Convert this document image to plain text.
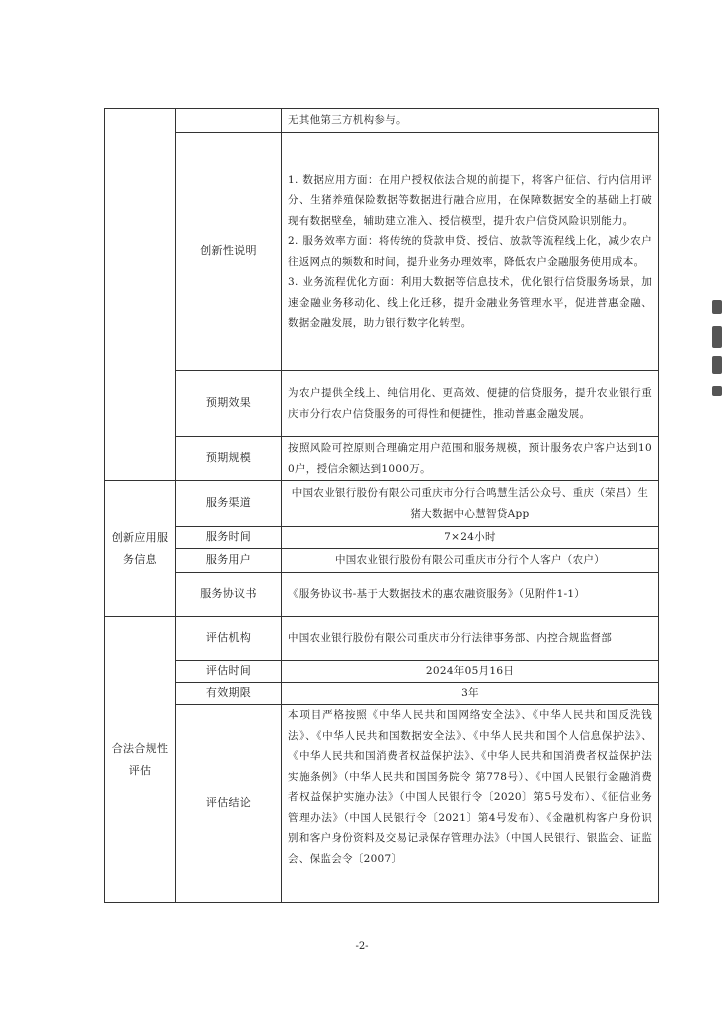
		无其他第三方机构参与。
	创新性说明	1. 数据应用方面：在用户授权依法合规的前提下，将客户征信、行内信用评分、生猪养殖保险数据等数据进行融合应用，在保障数据安全的基础上打破现有数据壁垒，辅助建立准入、授信模型，提升农户信贷风险识别能力。

2. 服务效率方面：将传统的贷款申贷、授信、放款等流程线上化，减少农户往返网点的频数和时间，提升业务办理效率，降低农户金融服务使用成本。

3. 业务流程优化方面：利用大数据等信息技术，优化银行信贷服务场景，加速金融业务移动化、线上化迁移，提升金融业务管理水平，促进普惠金融、数据金融发展，助力银行数字化转型。

	预期效果	为农户提供全线上、纯信用化、更高效、便捷的信贷服务，提升农业银行重庆市分行农户信贷服务的可得性和便捷性，推动普惠金融发展。
	预期规模	按照风险可控原则合理确定用户范围和服务规模，预计服务农户客户达到100户，授信余额达到1000万。
创新应用服务信息	服务渠道	中国农业银行股份有限公司重庆市分行合鸣慧生活公众号、重庆（荣昌）生猪大数据中心慧智贷App
	服务时间	7×24小时
	服务用户	中国农业银行股份有限公司重庆市分行个人客户（农户）
	服务协议书	《服务协议书-基于大数据技术的惠农融资服务》（见附件1-1）
合法合规性评估	评估机构	中国农业银行股份有限公司重庆市分行法律事务部、内控合规监督部
	评估时间	2024年05月16日
	有效期限	3年
	评估结论	本项目严格按照《中华人民共和国网络安全法》、《中华人民共和国反洗钱法》、《中华人民共和国数据安全法》、《中华人民共和国个人信息保护法》、《中华人民共和国消费者权益保护法》、《中华人民共和国消费者权益保护法实施条例》（中华人民共和国国务院令 第778号）、《中国人民银行金融消费者权益保护实施办法》（中国人民银行令〔2020〕第5号发布）、《征信业务管理办法》（中国人民银行令〔2021〕第4号发布）、《金融机构客户身份识别和客户身份资料及交易记录保存管理办法》（中国人民银行、银监会、证监会、保监会令〔2007〕
-2-
